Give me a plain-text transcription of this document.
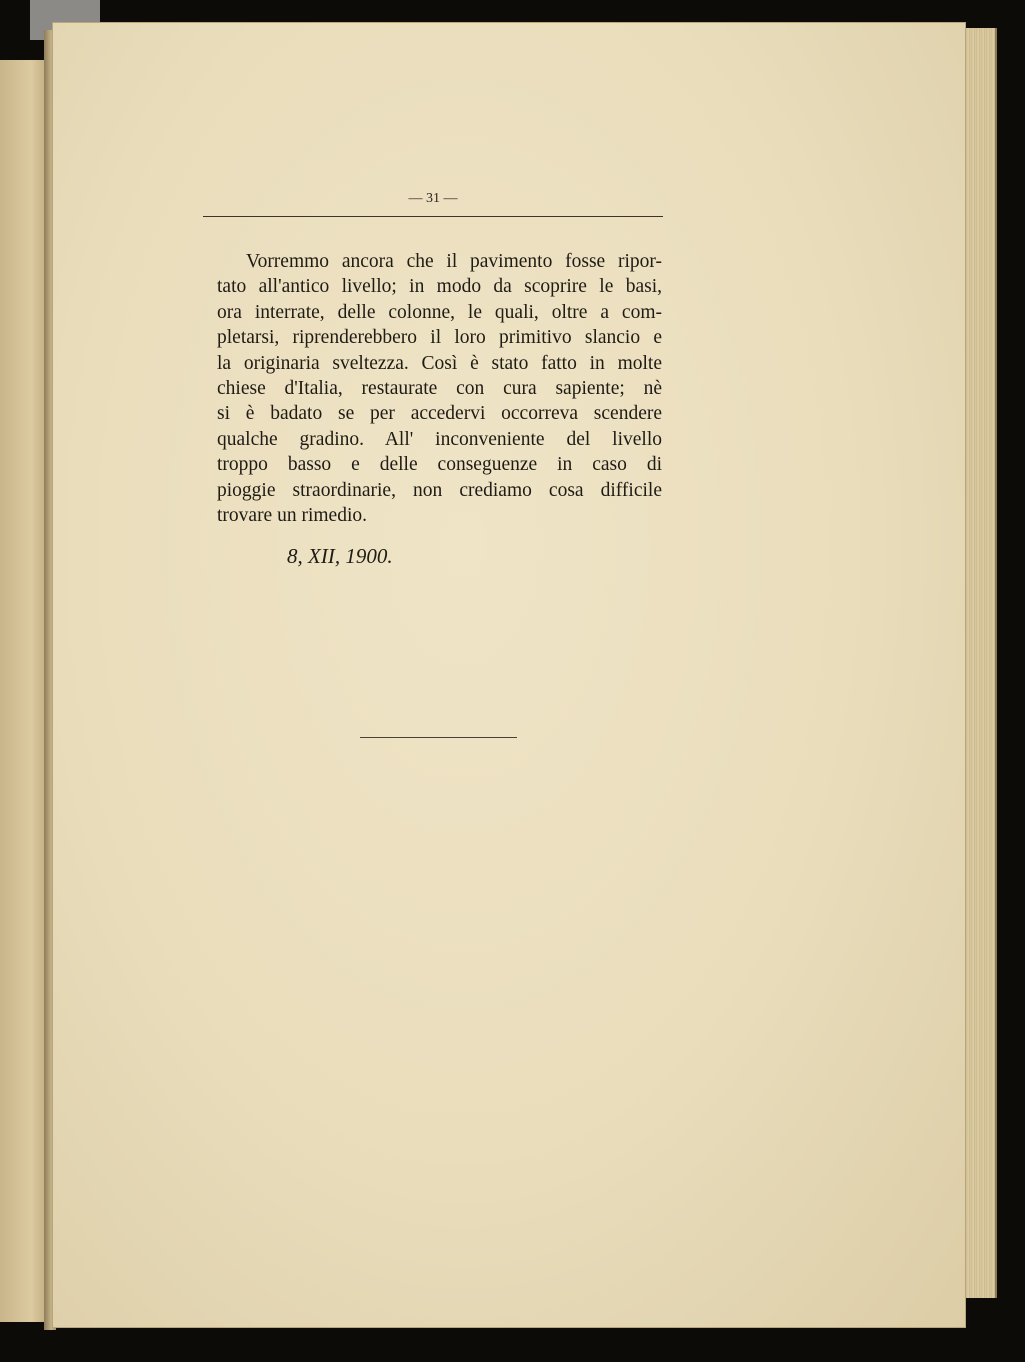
— 31 —
Vorremmo ancora che il pavimento fosse ripor-
tato all'antico livello; in modo da scoprire le basi,
ora interrate, delle colonne, le quali, oltre a com-
pletarsi, riprenderebbero il loro primitivo slancio e
la originaria sveltezza. Così è stato fatto in molte
chiese d'Italia, restaurate con cura sapiente; nè
si è badato se per accedervi occorreva scendere
qualche gradino. All' inconveniente del livello
troppo basso e delle conseguenze in caso di
pioggie straordinarie, non crediamo cosa difficile
trovare un rimedio.
8, XII, 1900.
